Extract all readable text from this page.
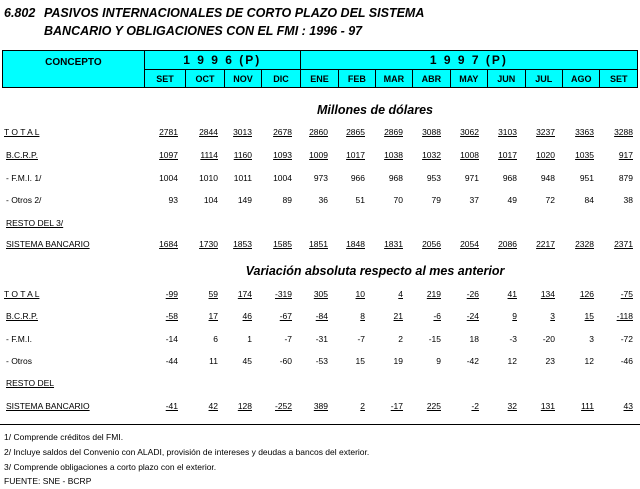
6.802 PASIVOS INTERNACIONALES DE CORTO PLAZO DEL SISTEMA
BANCARIO Y OBLIGACIONES CON EL FMI : 1996 - 97
CONCEPTO	1 9 9 6 (P)				1 9 9 7 (P)								
	SET	OCT	NOV	DIC	ENE	FEB	MAR	ABR	MAY	JUN	JUL	AGO	SET
Millones de dólares
T O T A L	2781	2844	3013	2678	2860	2865	2869	3088	3062	3103	3237	3363	3288
B.C.R.P.	1097	1114	1160	1093	1009	1017	1038	1032	1008	1017	1020	1035	917
- F.M.I. 1/	1004	1010	1011	1004	973	966	968	953	971	968	948	951	879
- Otros 2/	93	104	149	89	36	51	70	79	37	49	72	84	38
RESTO DEL 3/
SISTEMA BANCARIO	1684	1730	1853	1585	1851	1848	1831	2056	2054	2086	2217	2328	2371
Variación absoluta respecto al mes anterior
T O T A L	-99	59	174	-319	305	10	4	219	-26	41	134	126	-75
B.C.R.P.	-58	17	46	-67	-84	8	21	-6	-24	9	3	15	-118
- F.M.I.	-14	6	1	-7	-31	-7	2	-15	18	-3	-20	3	-72
- Otros	-44	11	45	-60	-53	15	19	9	-42	12	23	12	-46
RESTO DEL
SISTEMA BANCARIO	-41	42	128	-252	389	2	-17	225	-2	32	131	111	43
1/ Comprende créditos del FMI.
2/ Incluye saldos del Convenio con ALADI, provisión de intereses y deudas a bancos del exterior.
3/ Comprende obligaciones a corto plazo con el exterior.
FUENTE: SNE - BCRP
